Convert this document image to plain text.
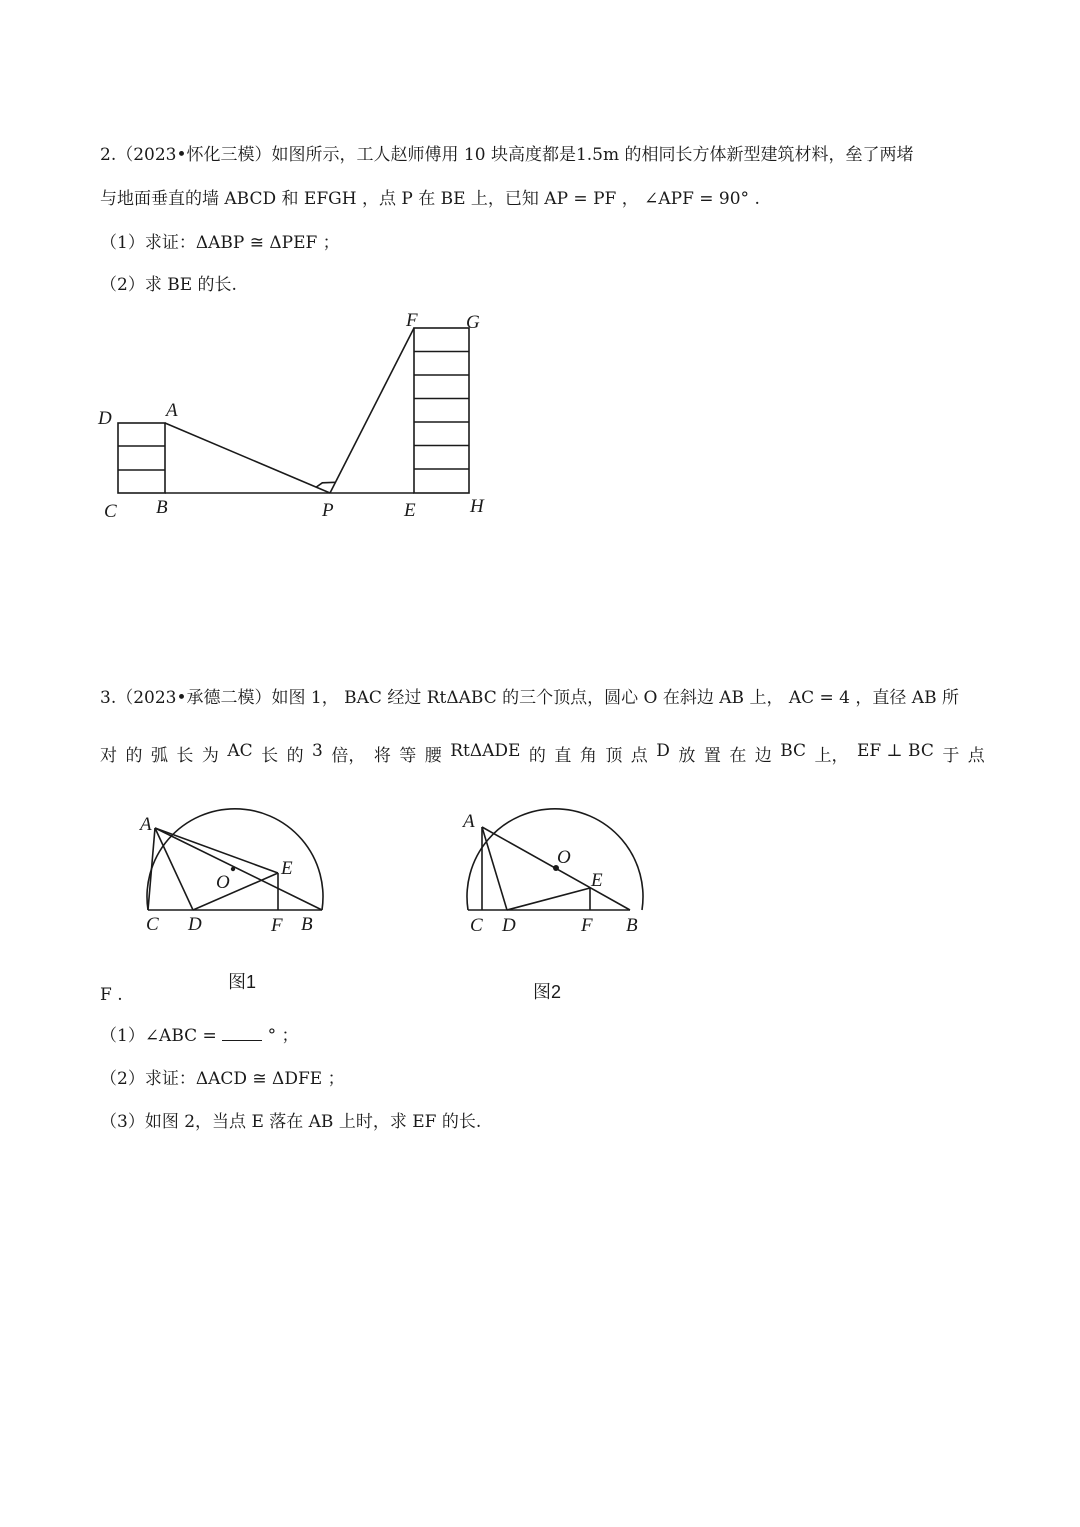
2.（2023•怀化三模）如图所示，工人赵师傅用 10 块高度都是1.5m 的相同长方体新型建筑材料，垒了两堵
与地面垂直的墙 ABCD 和 EFGH ，点 P 在 BE 上，已知 AP = PF ， ∠APF = 90° .
（1）求证：ΔABP ≅ ΔPEF ；
（2）求 BE 的长.
D	A
C B	P	E	H
F	G
3.（2023•承德二模）如图 1， BAC 经过 RtΔABC 的三个顶点，圆心 O 在斜边 AB 上， AC = 4 ，直径 AB 所
对 的 弧 长 为 AC 长 的 3 倍， 将 等 腰 RtΔADE 的 直 角 顶 点 D 放 置 在 边 BC 上， EF ⊥ BC 于 点
A
O
E
C D	F B
图1
A
O
E
C D	F B
图2
F .
（1）∠ABC =  ° ；
（2）求证：ΔACD ≅ ΔDFE ；
（3）如图 2，当点 E 落在 AB 上时，求 EF 的长.
